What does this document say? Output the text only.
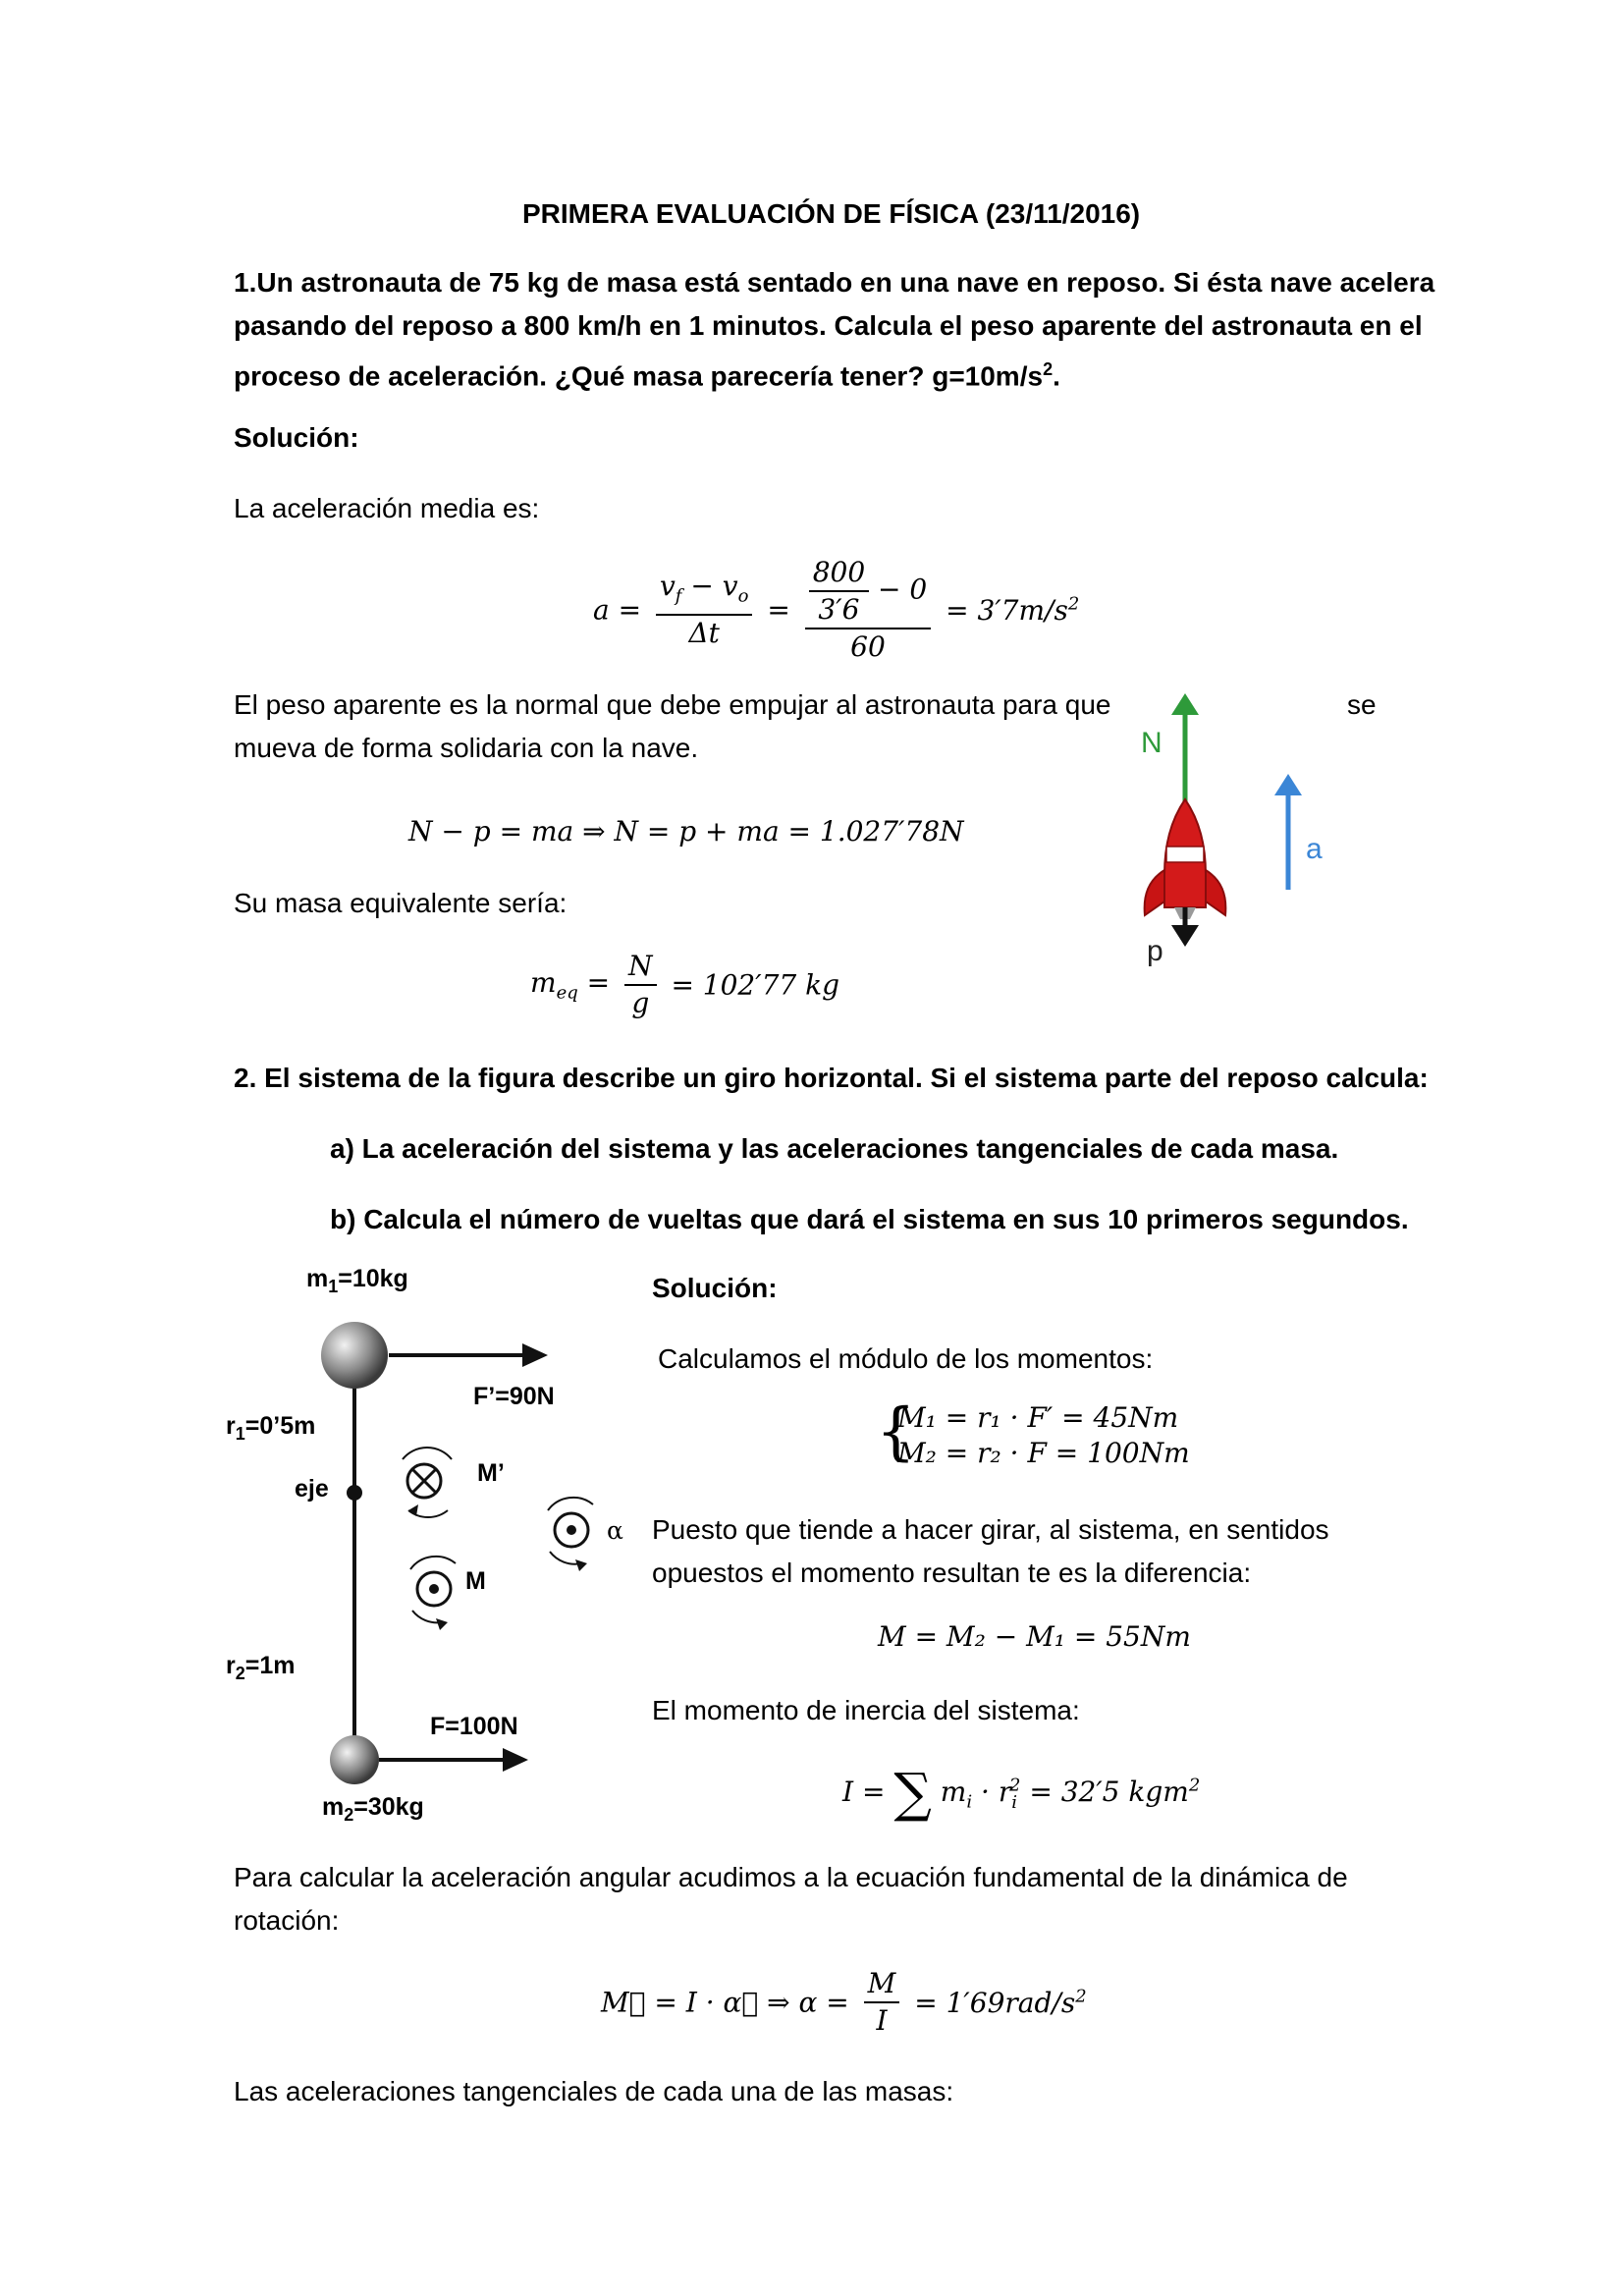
PRIMERA EVALUACIÓN DE FÍSICA (23/11/2016)
1.Un astronauta de 75 kg de masa está sentado en una nave en reposo. Si ésta nave acelera
pasando del reposo a 800 km/h en 1 minutos. Calcula el peso aparente del astronauta en el
proceso de aceleración. ¿Qué masa parecería tener? $g=10m/s^2$.
Solución:
La aceleración media es:
$a = \frac{v_f - v_o}{\Delta t} = \frac{\frac{800}{3'6} - 0}{60} = 3'7m/s^2$
El peso aparente es la normal que debe empujar al astronauta para que	se
mueva de forma solidaria con la nave.
N − p = ma ⇒ N = p + ma = 1.027′78N
Su masa equivalente sería:
$m_{eq} = \frac{N}{g} = 102'77$ kg
N
a
p
2. El sistema de la figura describe un giro horizontal. Si el sistema parte del reposo calcula:
a) La aceleración del sistema y las aceleraciones tangenciales de cada masa.
b) Calcula el número de vueltas que dará el sistema en sus 10 primeros segundos.
$m_1=10kg$
F’=90N
$r_1=0’5m$
eje
M’
M
α
$r_2=1m$
F=100N
$m_2=30kg$
Solución:
Calculamos el módulo de los momentos:
{
M₁ = r₁ · F′ = 45Nm
M₂ = r₂ · F = 100Nm
Puesto que tiende a hacer girar, al sistema, en sentidos
opuestos el momento resultan te es la diferencia:
M = M₂ − M₁ = 55Nm
El momento de inercia del sistema:
I = ∑ $m_i \cdot r_i^2 = 32'5$ kgm$^2$
Para calcular la aceleración angular acudimos a la ecuación fundamental de la dinámica de
rotación:
M⃗ = I · α⃗ ⇒ $\alpha = \frac{M}{I} = 1'69rad/s^2$
Las aceleraciones tangenciales de cada una de las masas:
